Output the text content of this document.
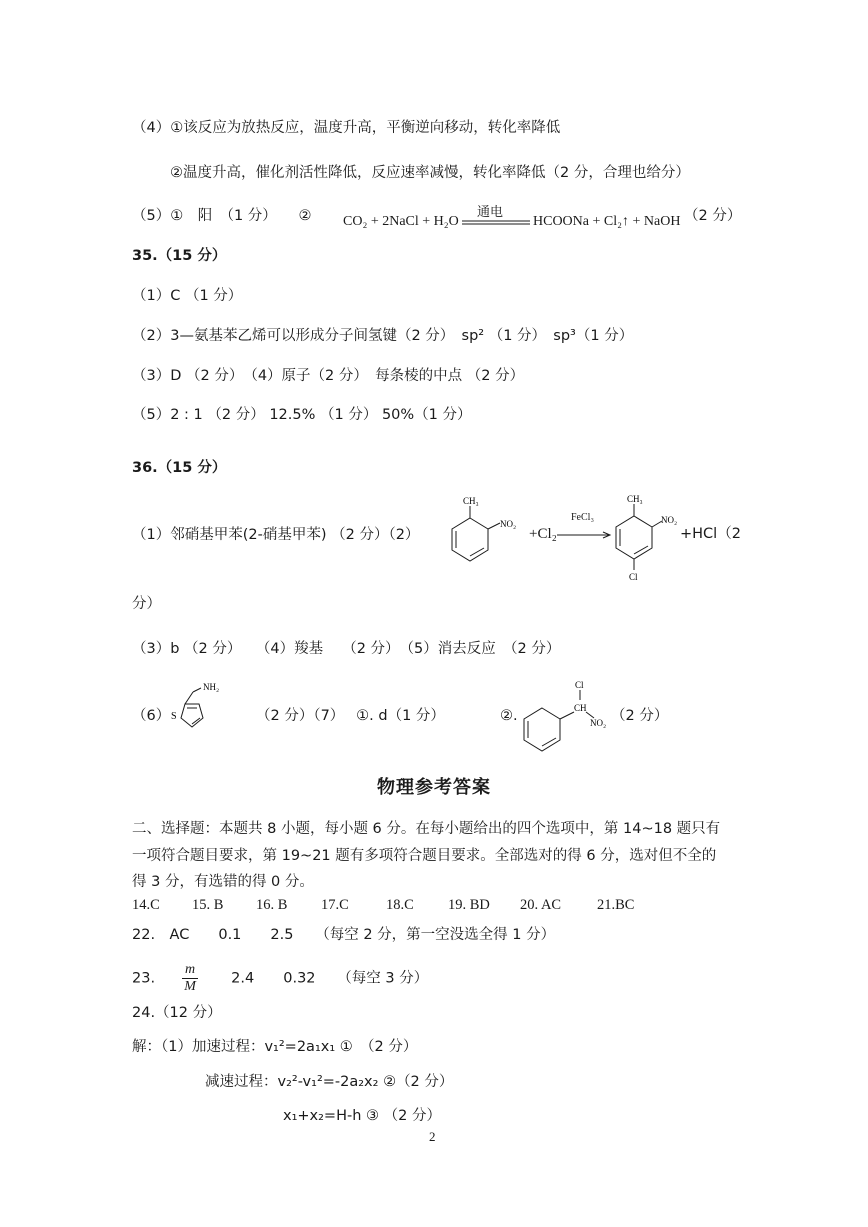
（4）①该反应为放热反应，温度升高，平衡逆向移动，转化率降低
②温度升高，催化剂活性降低，反应速率减慢，转化率降低（2 分，合理也给分）
（5）①　阳　（1 分）　　② CO₂ + 2NaCl + H₂O
通电
HCOONa + Cl₂↑ + NaOH （2 分）
35.（15 分）
（1）C （1 分）
（2）3—氨基苯乙烯可以形成分子间氢键（2 分）　sp² （1 分）　sp³（1 分）
（3）D （2 分）　（4）原子（2 分）　每条棱的中点 （2 分）
（5）2 : 1 （2 分） 12.5% （1 分） 50%（1 分）
36.（15 分）
（1）邻硝基甲苯(2-硝基甲苯) （2 分）（2）
CH₃
NO₂
+Cl₂
FeCl₃
CH₃
NO₂
Cl
+HCl（2
分）
（3）b （2 分）　　（4）羧基　 （2 分）　（5）消去反应　（2 分）
（6）
NH₂
S	（2 分）（7）　 ①. d（1 分）	②.
Cl
CH
NO₂ （2 分）
物理参考答案
二、选择题：本题共 8 小题，每小题 6 分。在每小题给出的四个选项中，第 14~18 题只有
一项符合题目要求，第 19~21 题有多项符合题目要求。全部选对的得 6 分，选对但不全的
得 3 分，有选错的得 0 分。
14.C 15. B 16. B 17.C	18.C 19. BD 20. AC 21.BC
22.　AC　　0.1　　2.5　　（每空 2 分，第一空没选全得 1 分）
23. $\frac{m}{M} 2.4$　　0.32　　（每空 3 分）
24.（12 分）
解：（1）加速过程：v₁²=2a₁x₁ ①　（2 分）
减速过程：v₂²-v₁²=-2a₂x₂ ②（2 分）
x₁+x₂=H-h ③ （2 分）
2
